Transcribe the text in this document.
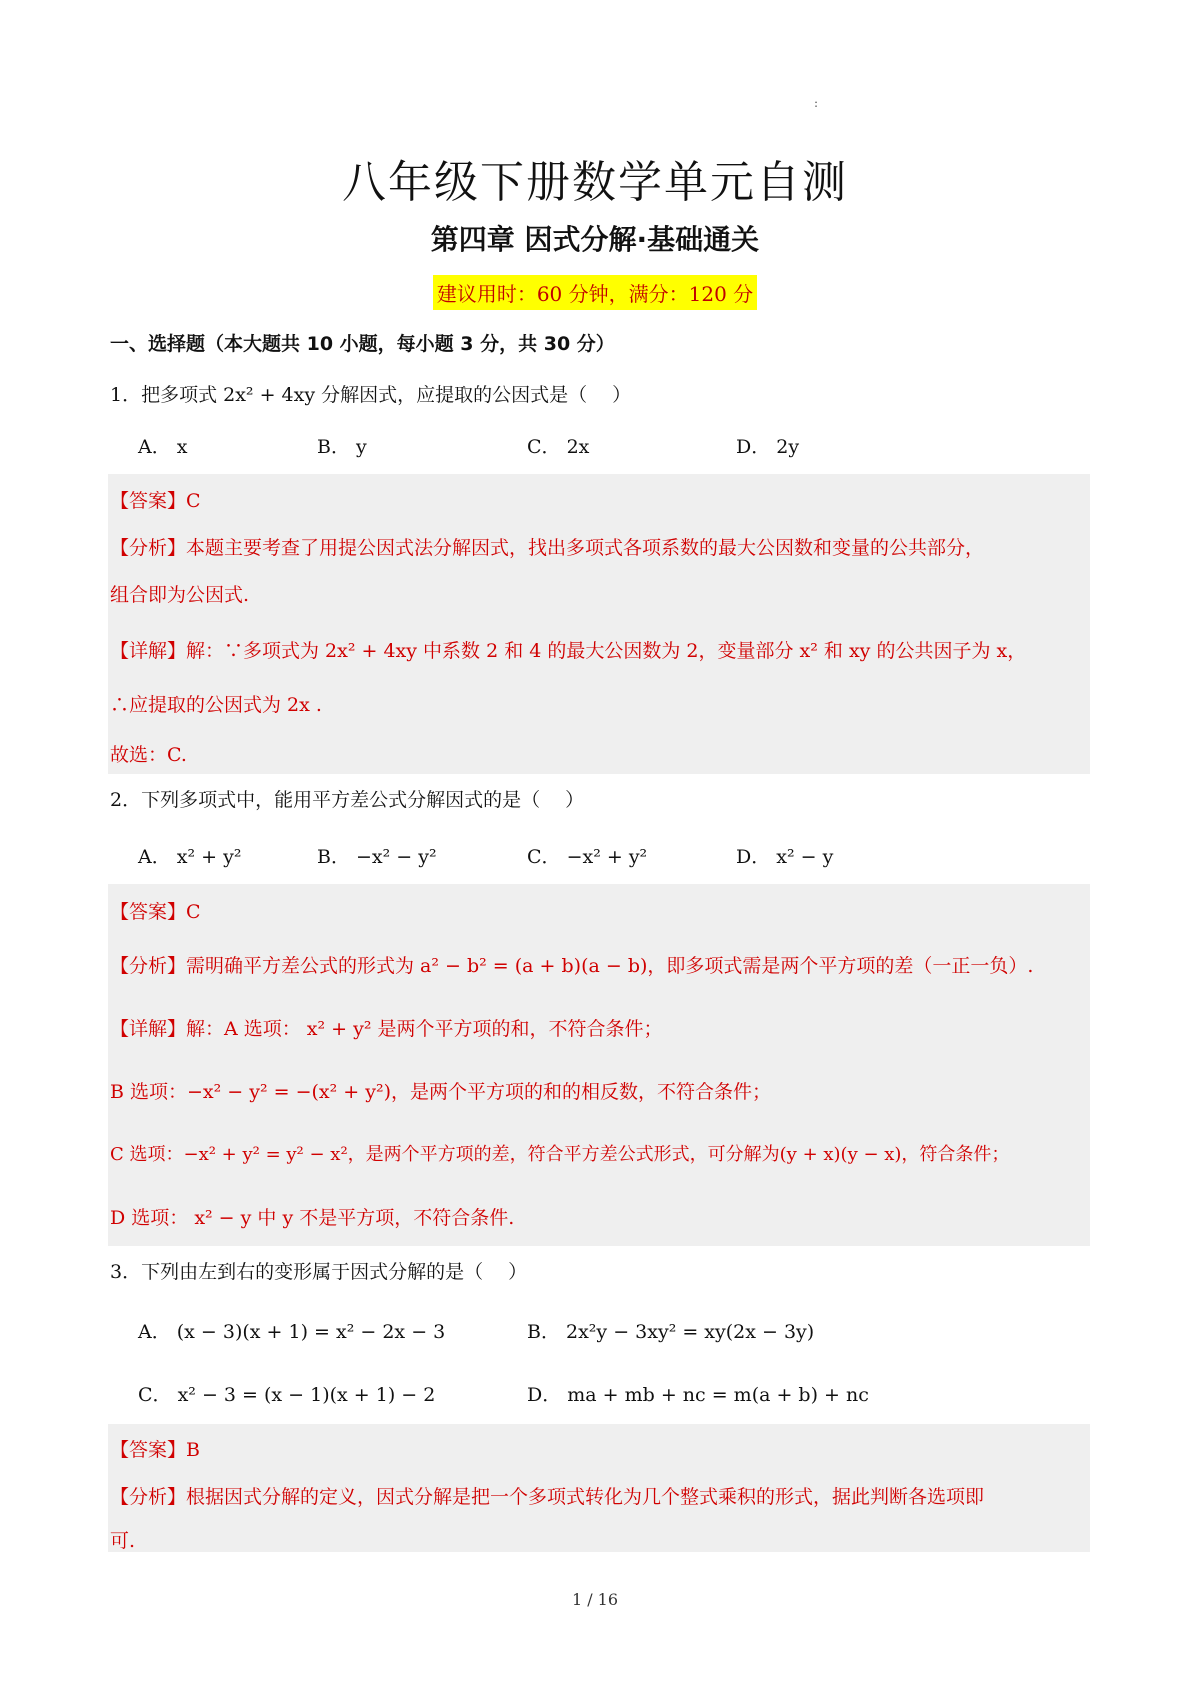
:
八年级下册数学单元自测
第四章 因式分解·基础通关
建议用时：60 分钟，满分：120 分
一、选择题（本大题共 10 小题，每小题 3 分，共 30 分）
1．把多项式 2x² + 4xy 分解因式，应提取的公因式是（　 ）
A． x	B． y	C． 2x	D． 2y
【答案】C
【分析】本题主要考查了用提公因式法分解因式，找出多项式各项系数的最大公因数和变量的公共部分，
组合即为公因式.
【详解】解：∵多项式为 2x² + 4xy 中系数 2 和 4 的最大公因数为 2，变量部分 x² 和 xy 的公共因子为 x，
∴应提取的公因式为 2x .
故选：C.
2．下列多项式中，能用平方差公式分解因式的是（　 ）
A． x² + y²	B． −x² − y²	C． −x² + y²	D． x² − y
【答案】C
【分析】需明确平方差公式的形式为 a² − b² = (a + b)(a − b)，即多项式需是两个平方项的差（一正一负）.
【详解】解：A 选项： x² + y² 是两个平方项的和，不符合条件；
B 选项：−x² − y² = −(x² + y²)，是两个平方项的和的相反数，不符合条件；
C 选项：−x² + y² = y² − x²，是两个平方项的差，符合平方差公式形式，可分解为(y + x)(y − x)，符合条件；
D 选项： x² − y 中 y 不是平方项，不符合条件.
3．下列由左到右的变形属于因式分解的是（　 ）
A． (x − 3)(x + 1) = x² − 2x − 3	B． 2x²y − 3xy² = xy(2x − 3y)
C． x² − 3 = (x − 1)(x + 1) − 2	D． ma + mb + nc = m(a + b) + nc
【答案】B
【分析】根据因式分解的定义，因式分解是把一个多项式转化为几个整式乘积的形式，据此判断各选项即
可.
1 / 16
